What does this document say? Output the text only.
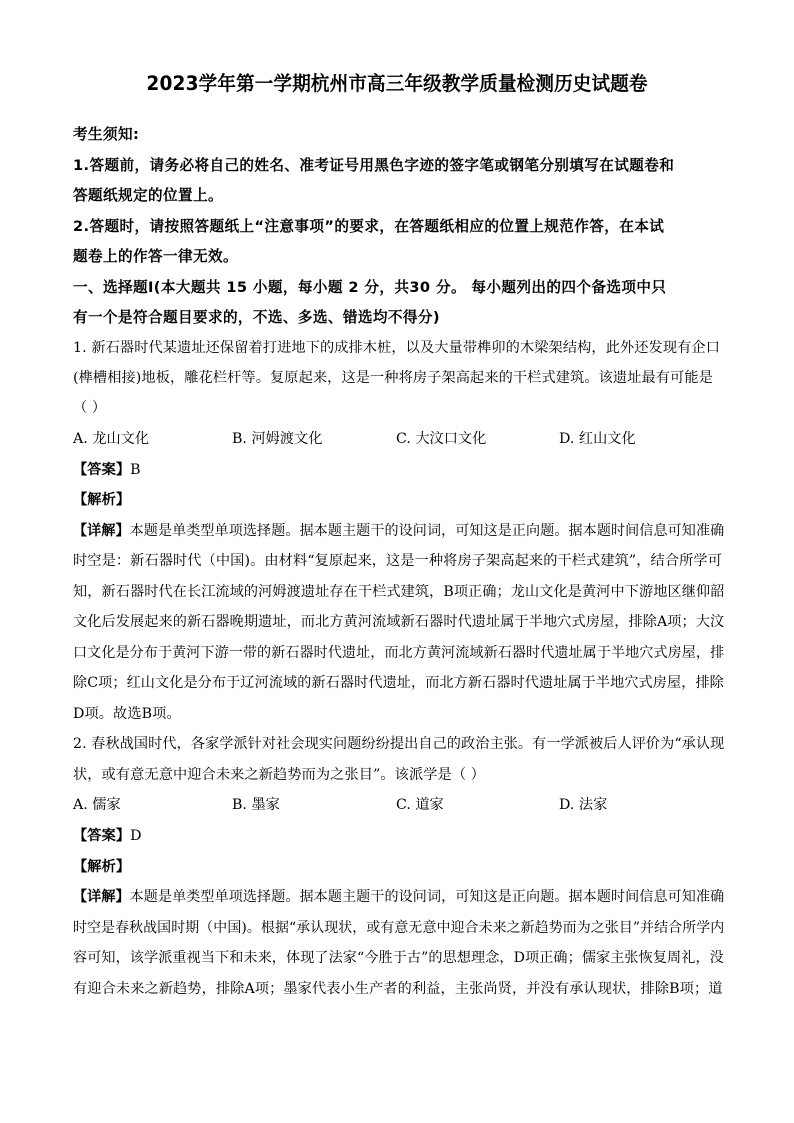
2023学年第一学期杭州市高三年级教学质量检测历史试题卷
考生须知:
1.答题前，请务必将自己的姓名、准考证号用黑色字迹的签字笔或钢笔分别填写在试题卷和
答题纸规定的位置上。
2.答题时，请按照答题纸上“注意事项”的要求，在答题纸相应的位置上规范作答，在本试
题卷上的作答一律无效。
一、选择题Ⅰ(本大题共 15 小题，每小题 2 分，共30 分。 每小题列出的四个备选项中只
有一个是符合题目要求的，不选、多选、错选均不得分)
1. 新石器时代某遗址还保留着打进地下的成排木桩，以及大量带榫卯的木梁架结构，此外还发现有企口
(榫槽相接)地板，雕花栏杆等。复原起来，这是一种将房子架高起来的干栏式建筑。该遗址最有可能是
（ ）
A. 龙山文化	B. 河姆渡文化	C. 大汶口文化	D. 红山文化
【答案】B
【解析】
【详解】本题是单类型单项选择题。据本题主题干的设问词，可知这是正向题。据本题时间信息可知准确
时空是：新石器时代（中国)。由材料“复原起来，这是一种将房子架高起来的干栏式建筑”，结合所学可
知，新石器时代在长江流域的河姆渡遗址存在干栏式建筑，B项正确；龙山文化是黄河中下游地区继仰韶
文化后发展起来的新石器晚期遗址，而北方黄河流域新石器时代遗址属于半地穴式房屋，排除A项；大汶
口文化是分布于黄河下游一带的新石器时代遗址，而北方黄河流域新石器时代遗址属于半地穴式房屋，排
除C项；红山文化是分布于辽河流域的新石器时代遗址，而北方新石器时代遗址属于半地穴式房屋，排除
D项。故选B项。
2. 春秋战国时代，各家学派针对社会现实问题纷纷提出自己的政治主张。有一学派被后人评价为“承认现
状，或有意无意中迎合未来之新趋势而为之张目”。该派学是（ ）
A. 儒家	B. 墨家	C. 道家	D. 法家
【答案】D
【解析】
【详解】本题是单类型单项选择题。据本题主题干的设问词，可知这是正向题。据本题时间信息可知准确
时空是春秋战国时期（中国)。根据“承认现状，或有意无意中迎合未来之新趋势而为之张目”并结合所学内
容可知，该学派重视当下和未来，体现了法家“今胜于古”的思想理念，D项正确；儒家主张恢复周礼，没
有迎合未来之新趋势，排除A项；墨家代表小生产者的利益，主张尚贤，并没有承认现状，排除B项；道
